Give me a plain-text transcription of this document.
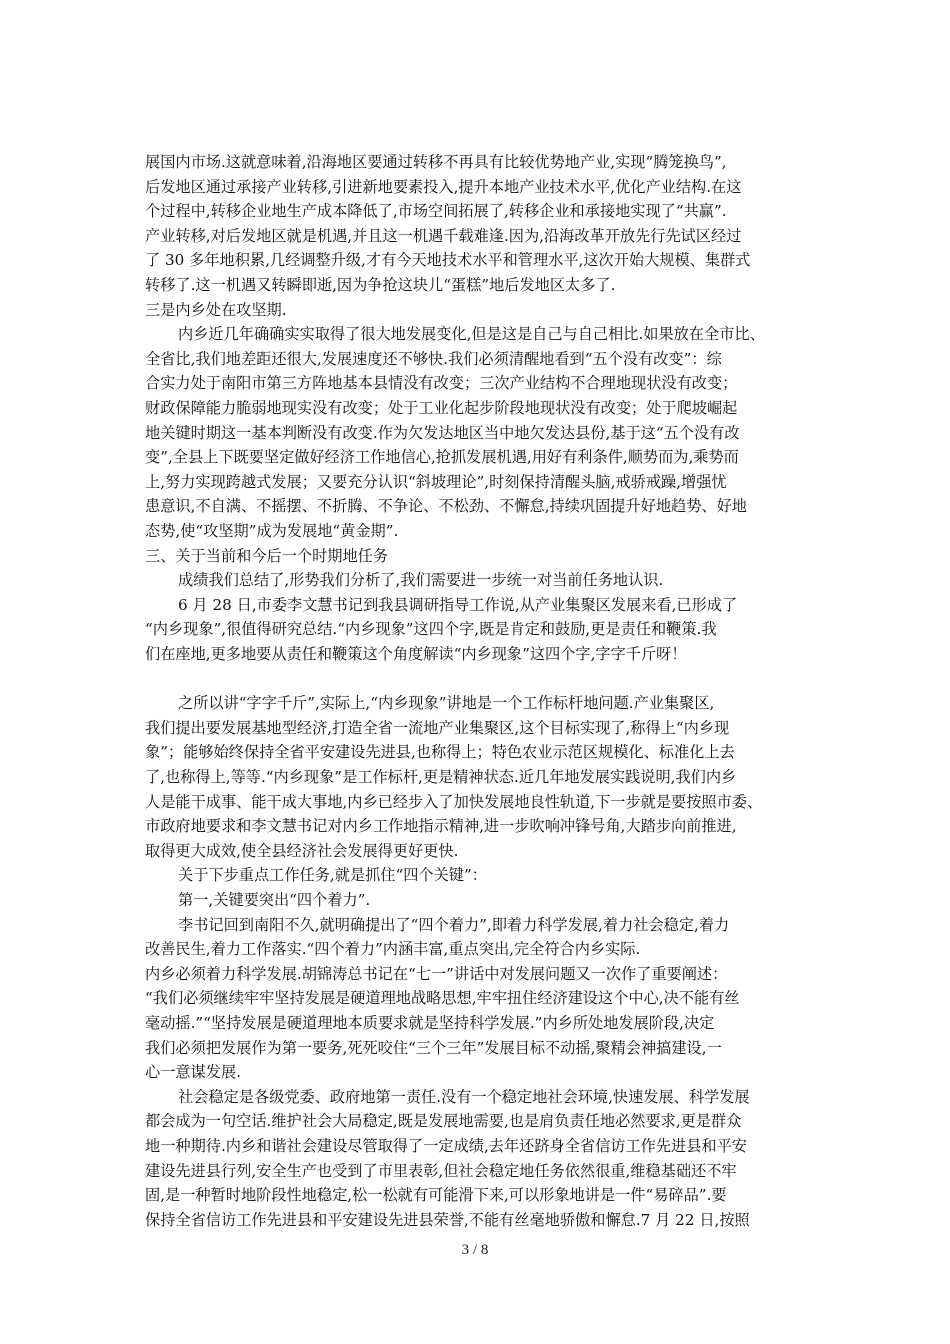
展国内市场.这就意味着,沿海地区要通过转移不再具有比较优势地产业,实现“腾笼换鸟”,
后发地区通过承接产业转移,引进新地要素投入,提升本地产业技术水平,优化产业结构.在这
个过程中,转移企业地生产成本降低了,市场空间拓展了,转移企业和承接地实现了“共赢”.
产业转移,对后发地区就是机遇,并且这一机遇千载难逢.因为,沿海改革开放先行先试区经过
了 30 多年地积累,几经调整升级,才有今天地技术水平和管理水平,这次开始大规模、集群式
转移了.这一机遇又转瞬即逝,因为争抢这块儿“蛋糕”地后发地区太多了.
三是内乡处在攻坚期.
内乡近几年确确实实取得了很大地发展变化,但是这是自己与自己相比.如果放在全市比、
全省比,我们地差距还很大,发展速度还不够快.我们必须清醒地看到“五个没有改变”：综
合实力处于南阳市第三方阵地基本县情没有改变；三次产业结构不合理地现状没有改变；
财政保障能力脆弱地现实没有改变；处于工业化起步阶段地现状没有改变；处于爬坡崛起
地关键时期这一基本判断没有改变.作为欠发达地区当中地欠发达县份,基于这“五个没有改
变”,全县上下既要坚定做好经济工作地信心,抢抓发展机遇,用好有利条件,顺势而为,乘势而
上,努力实现跨越式发展；又要充分认识“斜坡理论”,时刻保持清醒头脑,戒骄戒躁,增强忧
患意识,不自满、不摇摆、不折腾、不争论、不松劲、不懈怠,持续巩固提升好地趋势、好地
态势,使“攻坚期”成为发展地“黄金期”.
三、关于当前和今后一个时期地任务
成绩我们总结了,形势我们分析了,我们需要进一步统一对当前任务地认识.
6 月 28 日,市委李文慧书记到我县调研指导工作说,从产业集聚区发展来看,已形成了
“内乡现象”,很值得研究总结.“内乡现象”这四个字,既是肯定和鼓励,更是责任和鞭策.我
们在座地,更多地要从责任和鞭策这个角度解读“内乡现象”这四个字,字字千斤呀！
之所以讲“字字千斤”,实际上,“内乡现象”讲地是一个工作标杆地问题.产业集聚区,
我们提出要发展基地型经济,打造全省一流地产业集聚区,这个目标实现了,称得上“内乡现
象”；能够始终保持全省平安建设先进县,也称得上；特色农业示范区规模化、标准化上去
了,也称得上,等等.“内乡现象”是工作标杆,更是精神状态.近几年地发展实践说明,我们内乡
人是能干成事、能干成大事地,内乡已经步入了加快发展地良性轨道,下一步就是要按照市委、
市政府地要求和李文慧书记对内乡工作地指示精神,进一步吹响冲锋号角,大踏步向前推进,
取得更大成效,使全县经济社会发展得更好更快.
关于下步重点工作任务,就是抓住“四个关键”：
第一,关键要突出“四个着力”.
李书记回到南阳不久,就明确提出了“四个着力”,即着力科学发展,着力社会稳定,着力
改善民生,着力工作落实.“四个着力”内涵丰富,重点突出,完全符合内乡实际.
内乡必须着力科学发展.胡锦涛总书记在“七一”讲话中对发展问题又一次作了重要阐述：
“我们必须继续牢牢坚持发展是硬道理地战略思想,牢牢扭住经济建设这个中心,决不能有丝
毫动摇.”“坚持发展是硬道理地本质要求就是坚持科学发展.”内乡所处地发展阶段,决定
我们必须把发展作为第一要务,死死咬住“三个三年”发展目标不动摇,聚精会神搞建设,一
心一意谋发展.
社会稳定是各级党委、政府地第一责任.没有一个稳定地社会环境,快速发展、科学发展
都会成为一句空话.维护社会大局稳定,既是发展地需要,也是肩负责任地必然要求,更是群众
地一种期待.内乡和谐社会建设尽管取得了一定成绩,去年还跻身全省信访工作先进县和平安
建设先进县行列,安全生产也受到了市里表彰,但社会稳定地任务依然很重,维稳基础还不牢
固,是一种暂时地阶段性地稳定,松一松就有可能滑下来,可以形象地讲是一件“易碎品”.要
保持全省信访工作先进县和平安建设先进县荣誉,不能有丝毫地骄傲和懈怠.7 月 22 日,按照
3 / 8
